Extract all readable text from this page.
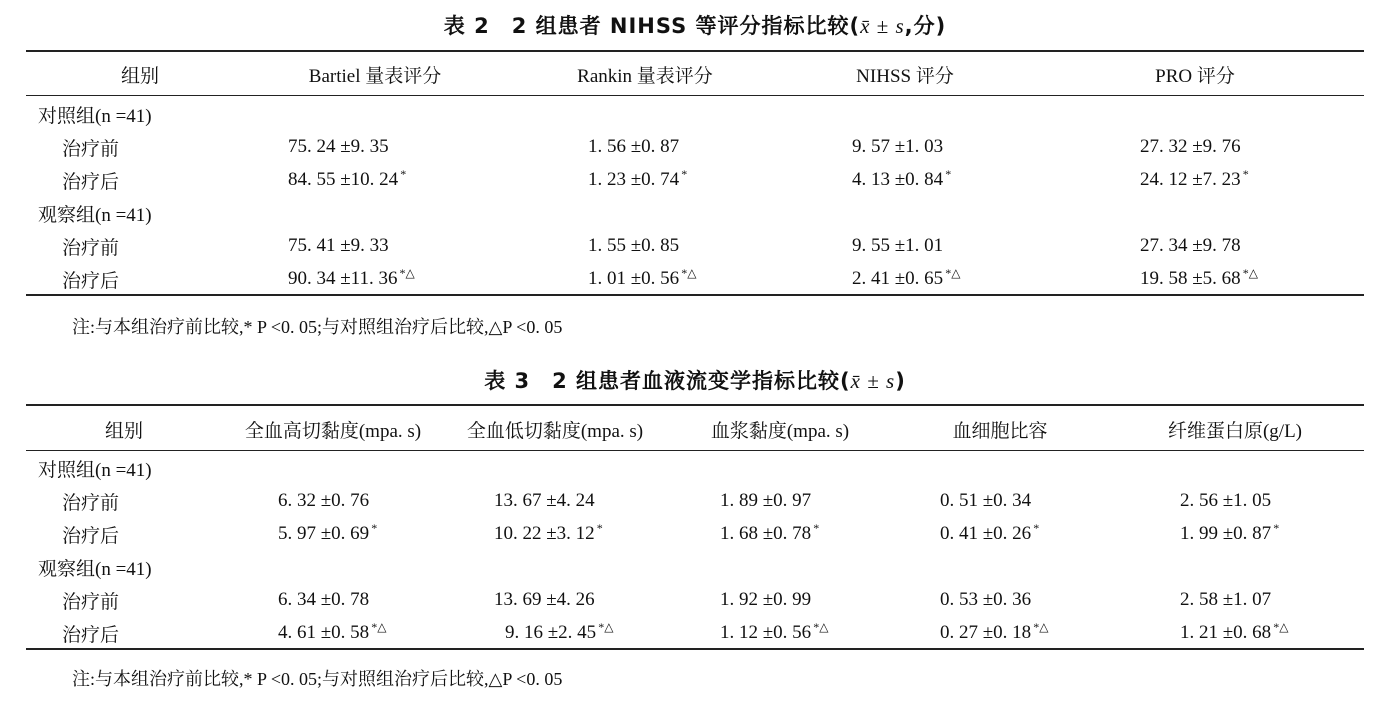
表 2　2 组患者 NIHSS 等评分指标比较(x̄ ± s,分)
组别	Bartiel 量表评分	Rankin 量表评分	NIHSS 评分	PRO 评分
对照组(n =41)
治疗前	75. 24 ±9. 35	1. 56 ±0. 87	9. 57 ±1. 03	27. 32 ±9. 76
治疗后	84. 55 ±10. 24 *	1. 23 ±0. 74 *	4. 13 ±0. 84 *	24. 12 ±7. 23 *
观察组(n =41)
治疗前	75. 41 ±9. 33	1. 55 ±0. 85	9. 55 ±1. 01	27. 34 ±9. 78
治疗后	90. 34 ±11. 36 *△	1. 01 ±0. 56 *△	2. 41 ±0. 65 *△	19. 58 ±5. 68 *△
注:与本组治疗前比较,* P <0. 05;与对照组治疗后比较,△P <0. 05
表 3　2 组患者血液流变学指标比较(x̄ ± s)
组别	全血高切黏度(mpa. s)	全血低切黏度(mpa. s)	血浆黏度(mpa. s)	血细胞比容	纤维蛋白原(g/L)
对照组(n =41)
治疗前	6. 32 ±0. 76	13. 67 ±4. 24	1. 89 ±0. 97	0. 51 ±0. 34	2. 56 ±1. 05
治疗后	5. 97 ±0. 69 *	10. 22 ±3. 12 *	1. 68 ±0. 78 *	0. 41 ±0. 26 *	1. 99 ±0. 87 *
观察组(n =41)
治疗前	6. 34 ±0. 78	13. 69 ±4. 26	1. 92 ±0. 99	0. 53 ±0. 36	2. 58 ±1. 07
治疗后	4. 61 ±0. 58 *△	9. 16 ±2. 45 *△	1. 12 ±0. 56 *△	0. 27 ±0. 18 *△	1. 21 ±0. 68 *△
注:与本组治疗前比较,* P <0. 05;与对照组治疗后比较,△P <0. 05
